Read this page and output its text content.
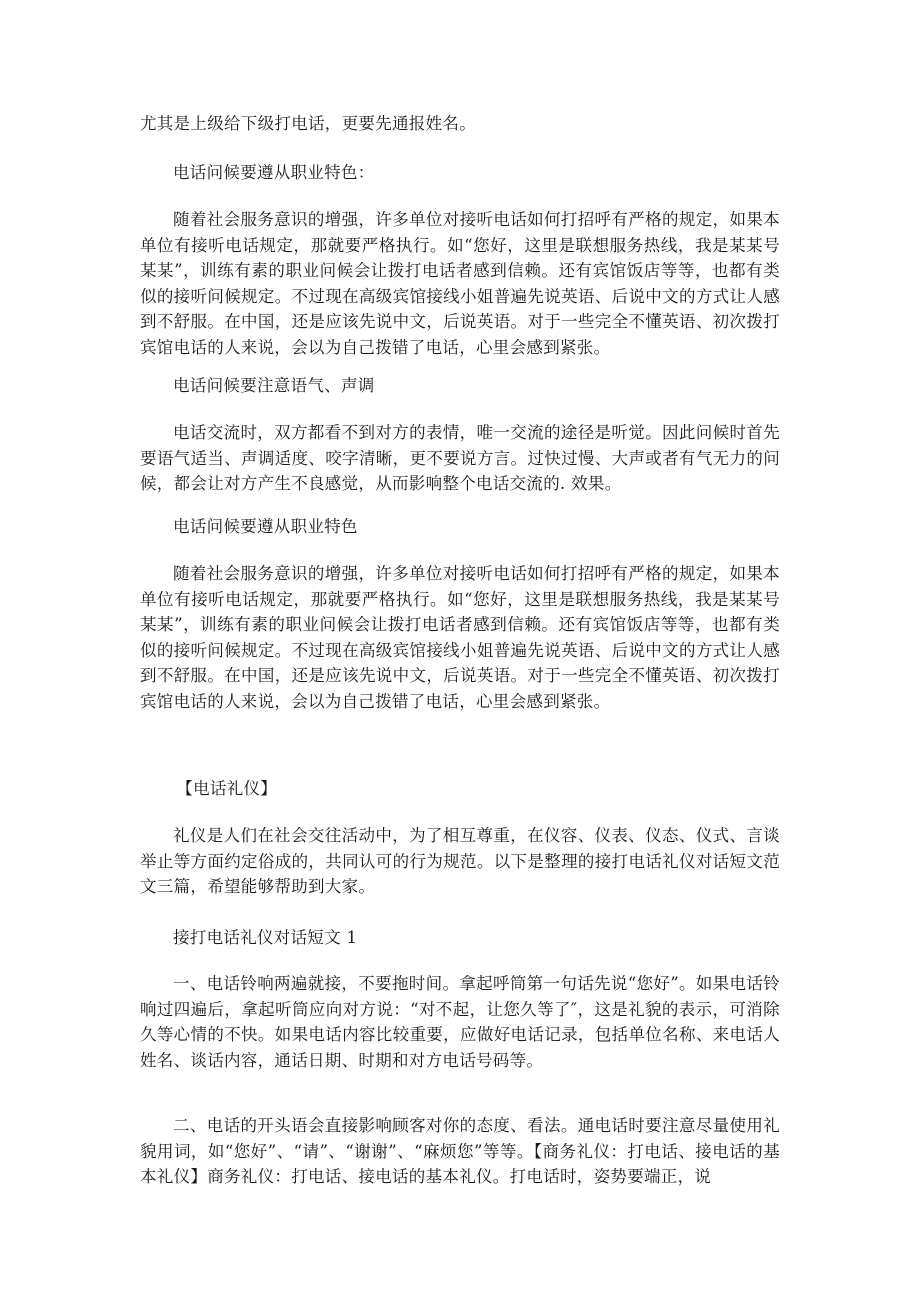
尤其是上级给下级打电话，更要先通报姓名。

电话问候要遵从职业特色：

随着社会服务意识的增强，许多单位对接听电话如何打招呼有严格的规定，如果本单位有接听电话规定，那就要严格执行。如“您好，这里是联想服务热线，我是某某号某某”，训练有素的职业问候会让拨打电话者感到信赖。还有宾馆饭店等等，也都有类似的接听问候规定。不过现在高级宾馆接线小姐普遍先说英语、后说中文的方式让人感到不舒服。在中国，还是应该先说中文，后说英语。对于一些完全不懂英语、初次拨打宾馆电话的人来说，会以为自己拨错了电话，心里会感到紧张。

电话问候要注意语气、声调

电话交流时，双方都看不到对方的表情，唯一交流的途径是听觉。因此问候时首先要语气适当、声调适度、咬字清晰，更不要说方言。过快过慢、大声或者有气无力的问候，都会让对方产生不良感觉，从而影响整个电话交流的. 效果。

电话问候要遵从职业特色

随着社会服务意识的增强，许多单位对接听电话如何打招呼有严格的规定，如果本单位有接听电话规定，那就要严格执行。如“您好，这里是联想服务热线，我是某某号某某”，训练有素的职业问候会让拨打电话者感到信赖。还有宾馆饭店等等，也都有类似的接听问候规定。不过现在高级宾馆接线小姐普遍先说英语、后说中文的方式让人感到不舒服。在中国，还是应该先说中文，后说英语。对于一些完全不懂英语、初次拨打宾馆电话的人来说，会以为自己拨错了电话，心里会感到紧张。

【电话礼仪】

礼仪是人们在社会交往活动中，为了相互尊重，在仪容、仪表、仪态、仪式、言谈举止等方面约定俗成的，共同认可的行为规范。以下是整理的接打电话礼仪对话短文范文三篇，希望能够帮助到大家。

接打电话礼仪对话短文 1

一、电话铃响两遍就接，不要拖时间。拿起呼筒第一句话先说“您好”。如果电话铃响过四遍后，拿起听筒应向对方说：“对不起，让您久等了″，这是礼貌的表示，可消除久等心情的不快。如果电话内容比较重要，应做好电话记录，包括单位名称、来电话人姓名、谈话内容，通话日期、时期和对方电话号码等。

二、电话的开头语会直接影响顾客对你的态度、看法。通电话时要注意尽量使用礼貌用词，如“您好”、“请”、“谢谢”、“麻烦您”等等。【商务礼仪：打电话、接电话的基本礼仪】商务礼仪：打电话、接电话的基本礼仪。打电话时，姿势要端正，说
